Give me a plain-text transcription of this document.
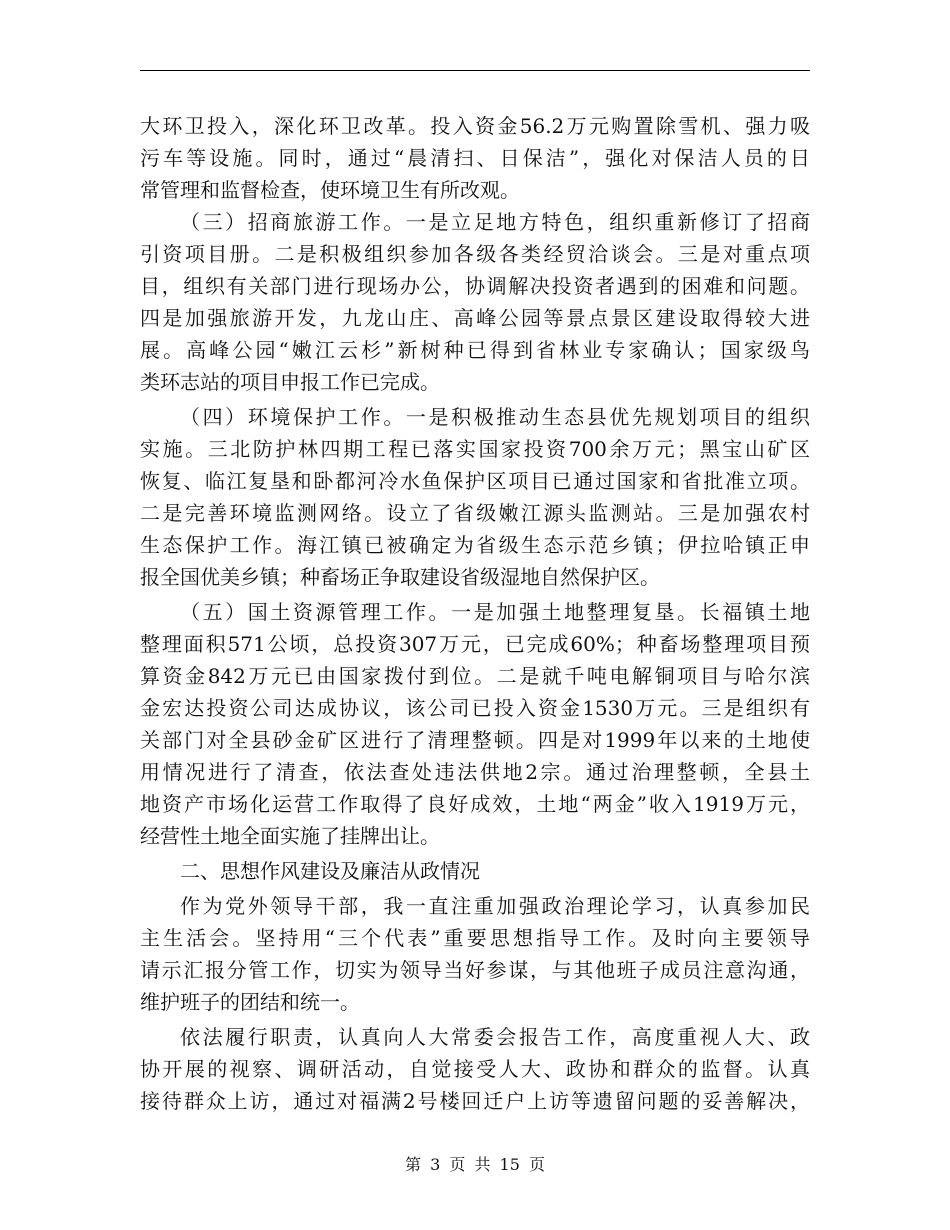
大环卫投入，深化环卫改革。投入资金56.2万元购置除雪机、强力吸
污车等设施。同时，通过“晨清扫、日保洁”，强化对保洁人员的日
常管理和监督检查，使环境卫生有所改观。
（三）招商旅游工作。一是立足地方特色，组织重新修订了招商
引资项目册。二是积极组织参加各级各类经贸洽谈会。三是对重点项
目，组织有关部门进行现场办公，协调解决投资者遇到的困难和问题。
四是加强旅游开发，九龙山庄、高峰公园等景点景区建设取得较大进
展。高峰公园“嫩江云杉”新树种已得到省林业专家确认；国家级鸟
类环志站的项目申报工作已完成。
（四）环境保护工作。一是积极推动生态县优先规划项目的组织
实施。三北防护林四期工程已落实国家投资700余万元；黑宝山矿区
恢复、临江复垦和卧都河冷水鱼保护区项目已通过国家和省批准立项。
二是完善环境监测网络。设立了省级嫩江源头监测站。三是加强农村
生态保护工作。海江镇已被确定为省级生态示范乡镇；伊拉哈镇正申
报全国优美乡镇；种畜场正争取建设省级湿地自然保护区。
（五）国土资源管理工作。一是加强土地整理复垦。长福镇土地
整理面积571公顷，总投资307万元，已完成60%；种畜场整理项目预
算资金842万元已由国家拨付到位。二是就千吨电解铜项目与哈尔滨
金宏达投资公司达成协议，该公司已投入资金1530万元。三是组织有
关部门对全县砂金矿区进行了清理整顿。四是对1999年以来的土地使
用情况进行了清查，依法查处违法供地2宗。通过治理整顿，全县土
地资产市场化运营工作取得了良好成效，土地“两金”收入1919万元，
经营性土地全面实施了挂牌出让。
二、思想作风建设及廉洁从政情况
作为党外领导干部，我一直注重加强政治理论学习，认真参加民
主生活会。坚持用“三个代表”重要思想指导工作。及时向主要领导
请示汇报分管工作，切实为领导当好参谋，与其他班子成员注意沟通，
维护班子的团结和统一。
依法履行职责，认真向人大常委会报告工作，高度重视人大、政
协开展的视察、调研活动，自觉接受人大、政协和群众的监督。认真
接待群众上访，通过对福满2号楼回迁户上访等遗留问题的妥善解决，
第 3 页 共 15 页
